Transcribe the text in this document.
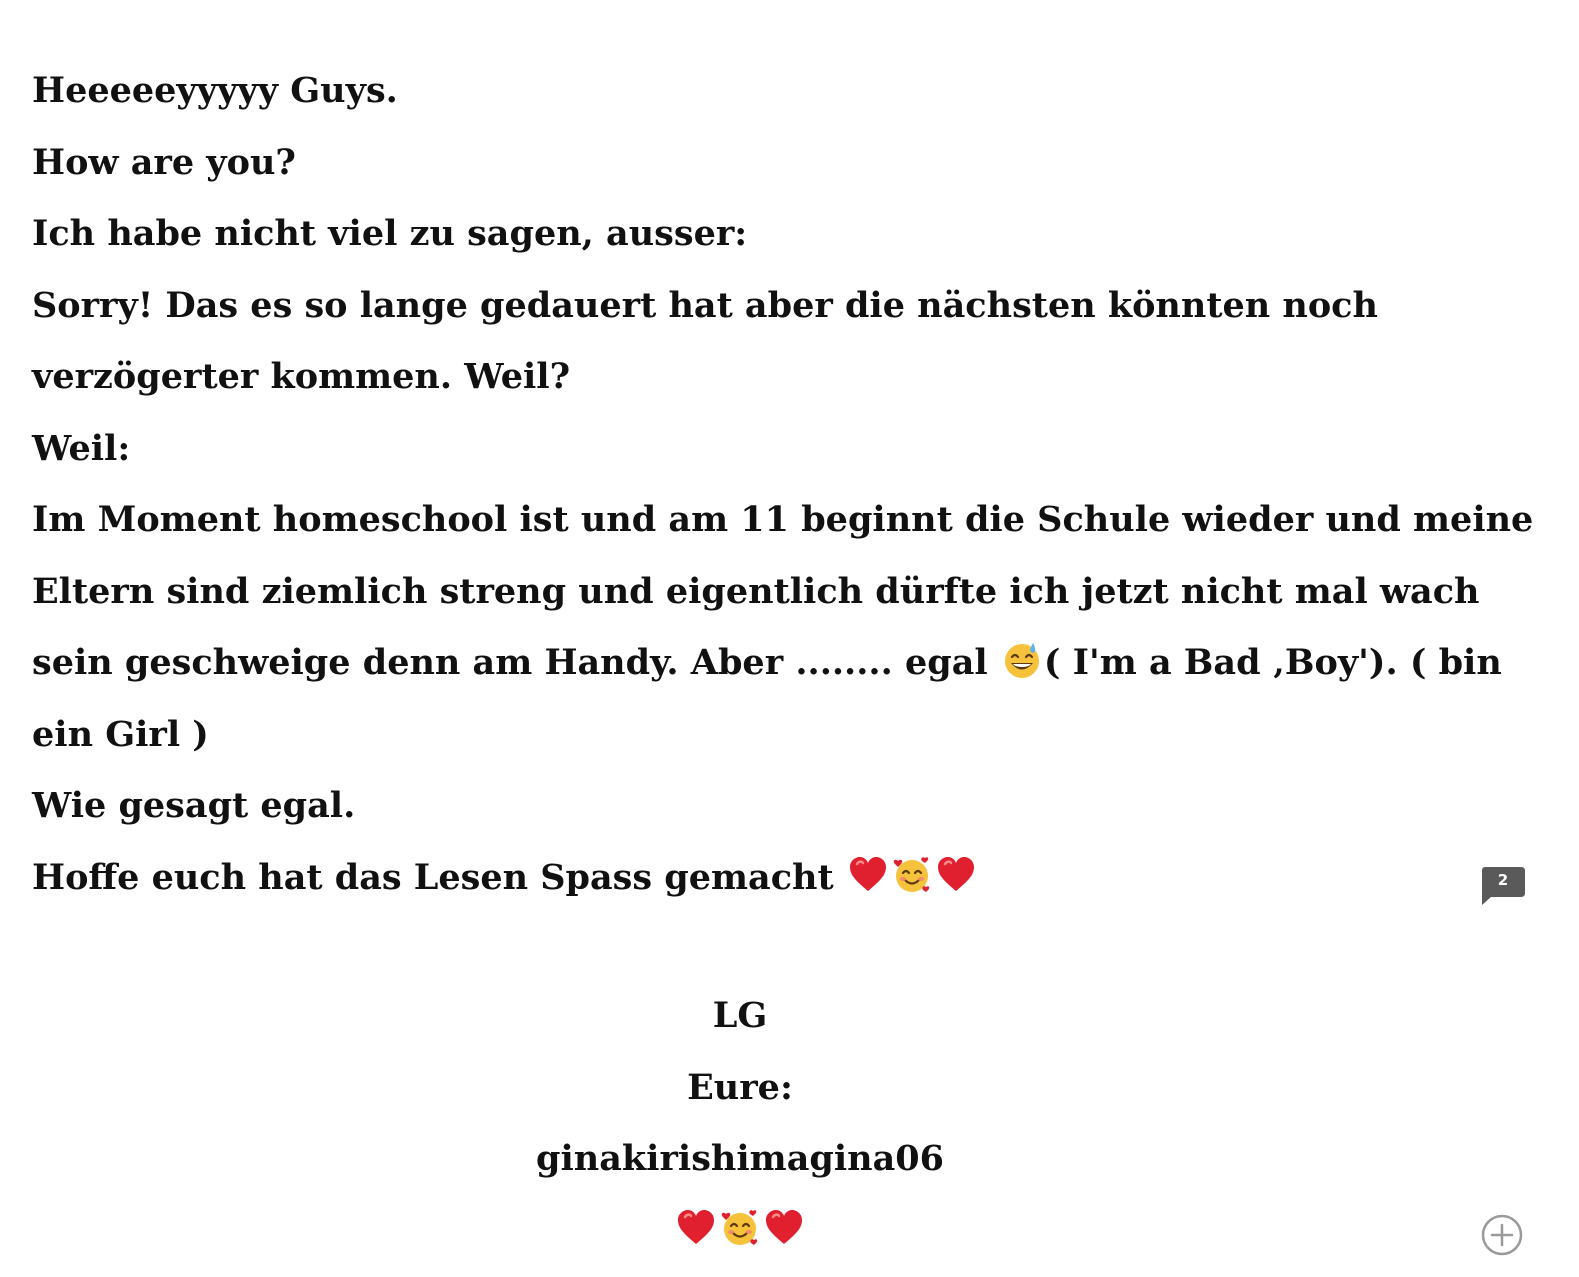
Heeeeeyyyyy Guys.
How are you?
Ich habe nicht viel zu sagen, ausser:
Sorry! Das es so lange gedauert hat aber die nächsten könnten noch
verzögerter kommen. Weil?
Weil:
Im Moment homeschool ist und am 11 beginnt die Schule wieder und meine
Eltern sind ziemlich streng und eigentlich dürfte ich jetzt nicht mal wach
sein geschweige denn am Handy. Aber ........ egal ( I'm a Bad ‚Boy'). ( bin
ein Girl )
Wie gesagt egal.
Hoffe euch hat das Lesen Spass gemacht
LG
Eure:
ginakirishimagina06
2
